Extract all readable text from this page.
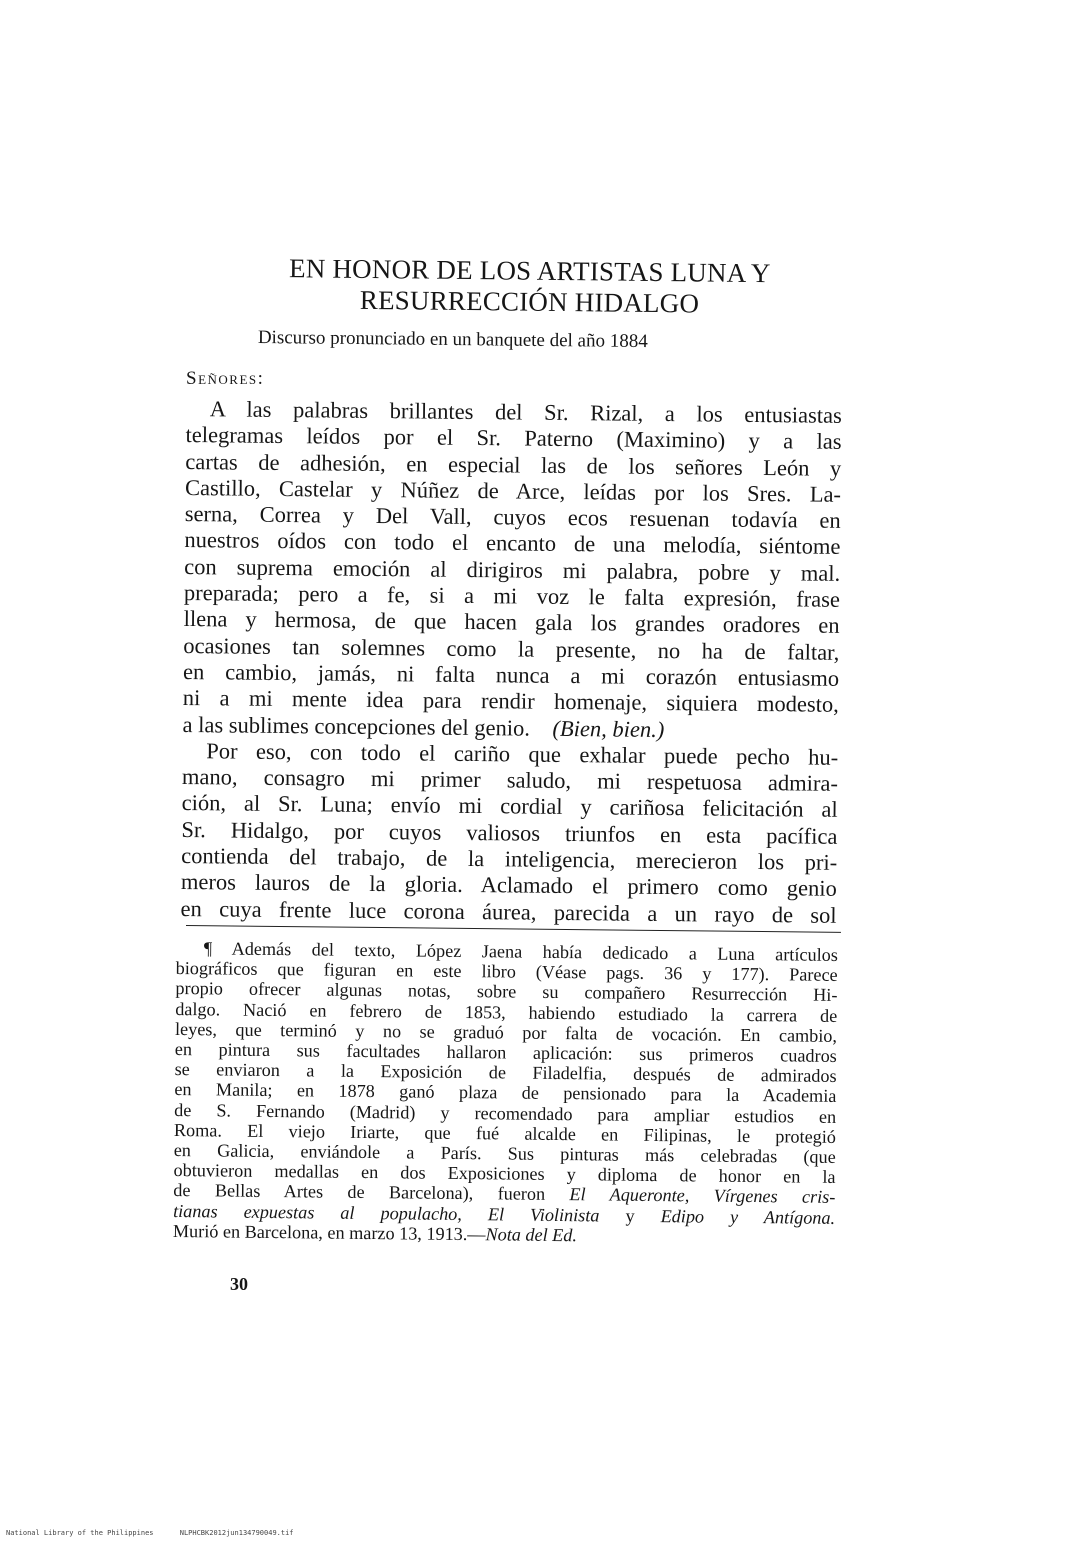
EN HONOR DE LOS ARTISTAS LUNA Y
RESURRECCIÓN HIDALGO
Discurso pronunciado en un banquete del año 1884
Señores:
A las palabras brillantes del Sr. Rizal, a los entusiastas
telegramas leídos por el Sr. Paterno (Maximino) y a las
cartas de adhesión, en especial las de los señores León y
Castillo, Castelar y Núñez de Arce, leídas por los Sres. La-
serna, Correa y Del Vall, cuyos ecos resuenan todavía en
nuestros oídos con todo el encanto de una melodía, siéntome
con suprema emoción al dirigiros mi palabra, pobre y mal.
preparada; pero a fe, si a mi voz le falta expresión, frase
llena y hermosa, de que hacen gala los grandes oradores en
ocasiones tan solemnes como la presente, no ha de faltar,
en cambio, jamás, ni falta nunca a mi corazón entusiasmo
ni a mi mente idea para rendir homenaje, siquiera modesto,
a las sublimes concepciones del genio. (Bien, bien.)
Por eso, con todo el cariño que exhalar puede pecho hu-
mano, consagro mi primer saludo, mi respetuosa admira-
ción, al Sr. Luna; envío mi cordial y cariñosa felicitación al
Sr. Hidalgo, por cuyos valiosos triunfos en esta pacífica
contienda del trabajo, de la inteligencia, merecieron los pri-
meros lauros de la gloria. Aclamado el primero como genio
en cuya frente luce corona áurea, parecida a un rayo de sol
¶ Además del texto, López Jaena había dedicado a Luna artículos
biográficos que figuran en este libro (Véase pags. 36 y 177). Parece
propio ofrecer algunas notas, sobre su compañero Resurrección Hi-
dalgo. Nació en febrero de 1853, habiendo estudiado la carrera de
leyes, que terminó y no se graduó por falta de vocación. En cambio,
en pintura sus facultades hallaron aplicación: sus primeros cuadros
se enviaron a la Exposición de Filadelfia, después de admirados
en Manila; en 1878 ganó plaza de pensionado para la Academia
de S. Fernando (Madrid) y recomendado para ampliar estudios en
Roma. El viejo Iriarte, que fué alcalde en Filipinas, le protegió
en Galicia, enviándole a París. Sus pinturas más celebradas (que
obtuvieron medallas en dos Exposiciones y diploma de honor en la
de Bellas Artes de Barcelona), fueron El Aqueronte, Vírgenes cris-
tianas expuestas al populacho, El Violinista y Edipo y Antígona.
Murió en Barcelona, en marzo 13, 1913.—Nota del Ed.
30
National Library of the Philippines	NLPHCBK2012jun134790049.tif
